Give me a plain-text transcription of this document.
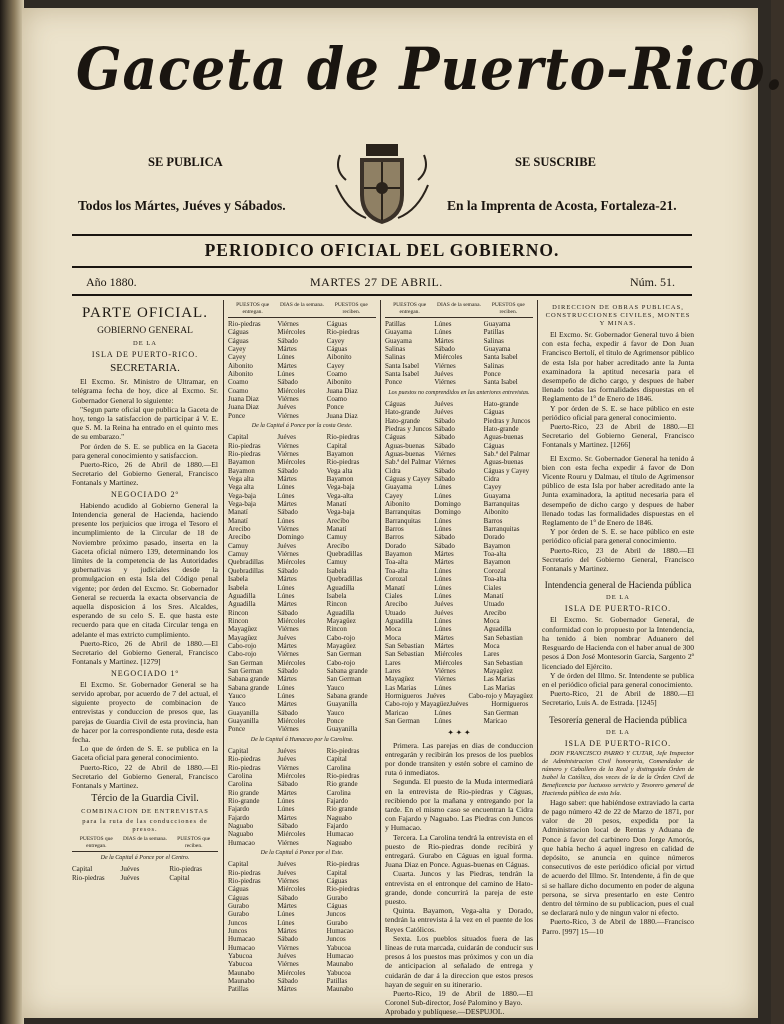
Gaceta de Puerto-Rico.
SE PUBLICA	SE SUSCRIBE
Todos los Mártes, Juéves y Sábados.	En la Imprenta de Acosta, Fortaleza-21.
PERIODICO OFICIAL DEL GOBIERNO.
Año 1880.	MARTES 27 DE ABRIL.	Núm. 51.
PARTE OFICIAL.
GOBIERNO GENERAL
DE LA
ISLA DE PUERTO-RICO.
SECRETARIA.

El Excmo. Sr. Ministro de Ultramar, en telégrama fecha de hoy, dice al Excmo. Sr. Gobernador General lo siguiente:

"Segun parte oficial que publica la Gaceta de hoy, tengo la satisfaccion de participar á V. E. que S. M. la Reina ha entrado en el quinto mes de su embarazo."

Por órden de S. E. se publica en la Gaceta para general conocimiento y satisfaccion.

Puerto-Rico, 26 de Abril de 1880.—El Secretario del Gobierno General, Francisco Fontanals y Martinez.

NEGOCIADO 2º

Habiendo acudido al Gobierno General la Intendencia general de Hacienda, haciendo presente los perjuicios que irroga el Tesoro el incumplimiento de la Circular de 18 de Noviembre próximo pasado, inserta en la Gaceta oficial número 139, determinando los límites de la competencia de las Autoridades gubernativas y judiciales desde la promulgacion en esta Isla del Código penal vigente; por órden del Excmo. Sr. Gobernador General se recuerda la exacta observancia de aquella disposicion á los Sres. Alcaldes, esperando de su celo S. E. que hasta este recuerdo para que en citada Circular tenga en adelante el mas extricto cumplimiento.

Puerto-Rico, 26 de Abril de 1880.—El Secretario del Gobierno General, Francisco Fontanals y Martinez. [1279]

NEGOCIADO 1º

El Excmo. Sr. Gobernador General se ha servido aprobar, por acuerdo de 7 del actual, el siguiente proyecto de combinacion de entrevistas y conduccion de presos que, las parejas de Guardia Civil de esta provincia, han de hacer por la correspondiente ruta, desde esta fecha.

Lo que de órden de S. E. se publica en la Gaceta oficial para general conocimiento.

Puerto-Rico, 22 de Abril de 1880.—El Secretario del Gobierno General, Francisco Fontanals y Martinez.

Tércio de la Guardia Civil.
COMBINACION DE ENTREVISTAS
para la ruta de las conducciones de presos.
PUESTOS que entregan.
DIAS de la semana.	PUESTOS que reciben.
De la Capital á Ponce por el Centro.
Capital	Juéves	Rio-piedras
Rio-piedras	Juéves	Capital
PUESTOS que entregan.
DIAS de la semana.	PUESTOS que reciben.
Rio-piedras	Viérnes	Cáguas
Cáguas	Miércoles	Rio-piedras
Cáguas	Sábado	Cayey
Cayey	Mártes	Cáguas
Cayey	Lúnes	Aibonito
Aibonito	Mártes	Cayey
Aibonito	Lúnes	Coamo
Coamo	Sábado	Aibonito
Coamo	Miércoles	Juana Diaz
Juana Diaz	Viérnes	Coamo
Juana Diaz	Juéves	Ponce
Ponce	Viérnes	Juana Diaz
De la Capital á Ponce por la costa Oeste.
Capital	Juéves	Rio-piedras
Rio-piedras	Viérnes	Capital
Rio-piedras	Viérnes	Bayamon
Bayamon	Miércoles	Rio-piedras
Bayamon	Sábado	Vega alta
Vega alta	Mártes	Bayamon
Vega alta	Lúnes	Vega-baja
Vega-baja	Lúnes	Vega-alta
Vega-baja	Mártes	Manatí
Manatí	Sábado	Vega-baja
Manatí	Lúnes	Arecibo
Arecibo	Viérnes	Manatí
Arecibo	Domingo	Camuy
Camuy	Juéves	Arecibo
Camuy	Viérnes	Quebradillas
Quebradillas	Miércoles	Camuy
Quebradillas	Sábado	Isabela
Isabela	Mártes	Quebradillas
Isabela	Lúnes	Aguadilla
Aguadilla	Lúnes	Isabela
Aguadilla	Mártes	Rincon
Rincon	Sábado	Aguadilla
Rincon	Miércoles	Mayagüez
Mayagüez	Viérnes	Rincon
Mayagüez	Juéves	Cabo-rojo
Cabo-rojo	Mártes	Mayagüez
Cabo-rojo	Viérnes	San German
San German	Miércoles	Cabo-rojo
San German	Sábado	Sabana grande
Sabana grande	Mártes	San German
Sabana grande	Lúnes	Yauco
Yauco	Lúnes	Sabana grande
Yauco	Mártes	Guayanilla
Guayanilla	Sábado	Yauco
Guayanilla	Miércoles	Ponce
Ponce	Viérnes	Guayanilla
De la Capital á Humacao por la Carolina.
Capital	Juéves	Rio-piedras
Rio-piedras	Juéves	Capital
Rio-piedras	Viérnes	Carolina
Carolina	Miércoles	Rio-piedras
Carolina	Sábado	Rio grande
Rio grande	Mártes	Carolina
Rio-grande	Lúnes	Fajardo
Fajardo	Lúnes	Rio grande
Fajardo	Mártes	Naguabo
Naguabo	Sábado	Fajardo
Naguabo	Miércoles	Humacao
Humacao	Viérnes	Naguabo
De la Capital á Ponce por el Este.
Capital	Juéves	Rio-piedras
Rio-piedras	Juéves	Capital
Rio-piedras	Viérnes	Cáguas
Cáguas	Miércoles	Rio-piedras
Cáguas	Sábado	Gurabo
Gurabo	Mártes	Cáguas
Gurabo	Lúnes	Juncos
Juncos	Lúnes	Gurabo
Juncos	Mártes	Humacao
Humacao	Sábado	Juncos
Humacao	Viérnes	Yabucoa
Yabucoa	Juéves	Humacao
Yabucoa	Viérnes	Maunabo
Maunabo	Miércoles	Yabucoa
Maunabo	Sábado	Patillas
Patillas	Mártes	Maunabo
PUESTOS que entregan.
DIAS de la semana.	PUESTOS que reciben.
Patillas	Lúnes	Guayama
Guayama	Lúnes	Patillas
Guayama	Mártes	Salinas
Salinas	Sábado	Guayama
Salinas	Miércoles	Santa Isabel
Santa Isabel	Viérnes	Salinas
Santa Isabel	Juéves	Ponce
Ponce	Viérnes	Santa Isabel
Los puestos no comprendidos en las anteriores entrevistas.
Cáguas	Juéves	Hato-grande
Hato-grande	Juéves	Cáguas
Hato-grande	Sábado	Piedras y Juncos
Piedras y Juncos Sábado	Hato-grande
Cáguas	Sábado	Aguas-buenas
Aguas-buenas	Sábado	Cáguas
Aguas-buenas	Viérnes	Sab.ª del Palmar
Sab.ª del Palmar Viérnes	Aguas-buenas
Cidra	Sábado	Cáguas y Cayey
Cáguas y Cayey Sábado	Cidra
Guayama	Lúnes	Cayey
Cayey	Lúnes	Guayama
Aibonito	Domingo	Barranquitas
Barranquitas	Domingo	Aibonito
Barranquitas	Lúnes	Barros
Barros	Lúnes	Barranquitas
Barros	Sábado	Dorado
Dorado	Sábado	Bayamon
Bayamon	Mártes	Toa-alta
Toa-alta	Mártes	Bayamon
Toa-alta	Lúnes	Corozal
Corozal	Lúnes	Toa-alta
Manatí	Lúnes	Ciales
Ciales	Lúnes	Manatí
Arecibo	Juéves	Utuado
Utuado	Juéves	Arecibo
Aguadilla	Lúnes	Moca
Moca	Lúnes	Aguadilla
Moca	Mártes	San Sebastian
San Sebastian	Mártes	Moca
San Sebastian	Miércoles	Lares
Lares	Miércoles	San Sebastian
Lares	Viérnes	Mayagüez
Mayagüez	Viérnes	Las Marias
Las Marias	Lúnes	Las Marias
Hormigueros Juéves	Cabo-rojo y Mayagüez
Cabo-rojo y Mayagüez Juéves	Hormigueros
Maricao	Lúnes	San German
San German	Lúnes	Maricao
✦ ✦ ✦

Primera. Las parejas en dias de conduccion entregarán y recibirán los presos de los pueblos por donde transiten y estén sobre el camino de ruta ó inmediatos.

Segunda. El puesto de la Muda intermediará en la entrevista de Rio-piedras y Cáguas, recibiendo por la mañana y entregando por la tarde. En el mismo caso se encuentran la Cidra con Fajardo y Naguabo. Las Piedras con Juncos y Humacao.

Tercera. La Carolina tendrá la entrevista en el puesto de Rio-piedras donde recibirá y entregará. Gurabo en Cáguas en igual forma. Juana Diaz en Ponce. Aguas-buenas en Cáguas.

Cuarta. Juncos y las Piedras, tendrán la entrevista en el entronque del camino de Hato-grande, donde concurrirá la pareja de este puesto.

Quinta. Bayamon, Vega-alta y Dorado, tendrán la entrevista á la vez en el puente de los Reyes Católicos.

Sexta. Los pueblos situados fuera de las líneas de ruta marcada, cuidarán de conducir sus presos á los puestos mas próximos y con un dia de anticipacion al señalado de entrega y cuidarán de dar á la direccion que estos presos hayan de seguir en su itinerario.

Puerto-Rico, 19 de Abril de 1880.—El Coronel Sub-director, José Palomino y Bayo.

Aprobado y publíquese.—DESPUJOL.

DIRECCION DE OBRAS PUBLICAS, CONSTRUCCIONES CIVILES, MONTES Y MINAS.

El Excmo. Sr. Gobernador General tuvo á bien con esta fecha, expedir á favor de Don Juan Francisco Bertolí, el título de Agrimensor público de esta Isla por haber acreditado ante la Junta examinadora la aptitud necesaria para el desempeño de dicho cargo, y despues de haber llenado todas las formalidades dispuestas en el Reglamento de 1º de Enero de 1846.

Y por órden de S. E. se hace público en este periódico oficial para general conocimiento.

Puerto-Rico, 23 de Abril de 1880.—El Secretario del Gobierno General, Francisco Fontanals y Martinez. [1266]

El Excmo. Sr. Gobernador General ha tenido á bien con esta fecha expedir á favor de Don Vicente Rouru y Dalmau, el título de Agrimensor público de esta Isla por haber acreditado ante la Junta examinadora, la aptitud necesaria para el desempeño de dicho cargo y despues de haber llenado todas las formalidades dispuestas en el Reglamento de 1º de Enero de 1846.

Y por órden de S. E. se hace público en este periódico oficial para general conocimiento.

Puerto-Rico, 23 de Abril de 1880.—El Secretario del Gobierno General, Francisco Fontanals y Martinez.

Intendencia general de Hacienda pública
DE LA
ISLA DE PUERTO-RICO.

El Excmo. Sr. Gobernador General, de conformidad con lo propuesto por la Intendencia, ha tenido á bien nombrar Aduanero del Resguardo de Hacienda con el haber anual de 300 pesos á Don José Montesorin García, Sargento 2º licenciado del Ejército.

Y de órden del Illmo. Sr. Intendente se publica en el periódico oficial para general conocimiento.

Puerto-Rico, 21 de Abril de 1880.—El Secretario, Luis A. de Estrada. [1245]

Tesorería general de Hacienda pública
DE LA
ISLA DE PUERTO-RICO.

DON FRANCISCO PARRO Y CUTAR, Jefe Inspector de Administracion Civil honoraria, Comendador de número y Caballero de la Real y distinguida Órden de Isabel la Católica, dos veces de la de la Órden Civil de Beneficencia por luctuoso servicio y Tesorero general de Hacienda pública de esta Isla.

Hago saber: que habiéndose extraviado la carta de pago número 42 de 22 de Marzo de 1871, por valor de 20 pesos, expedida por la Administracion local de Rentas y Aduana de Ponce á favor del carbinero Don Jorge Amorós, que había hecho á aquel ingreso en calidad de depósito, se anuncia en quince números consecutivos de este periódico oficial por virtud de acuerdo del Illmo. Sr. Intendente, á fin de que si se hallare dicho documento en poder de alguna persona, se sirva presentarlo en este Centro dentro del término de su publicacion, pues el cual se declarará nulo y de ningun valor ni efecto.

Puerto-Rico, 3 de Abril de 1880.—Francisco Parro. [997] 15—10
